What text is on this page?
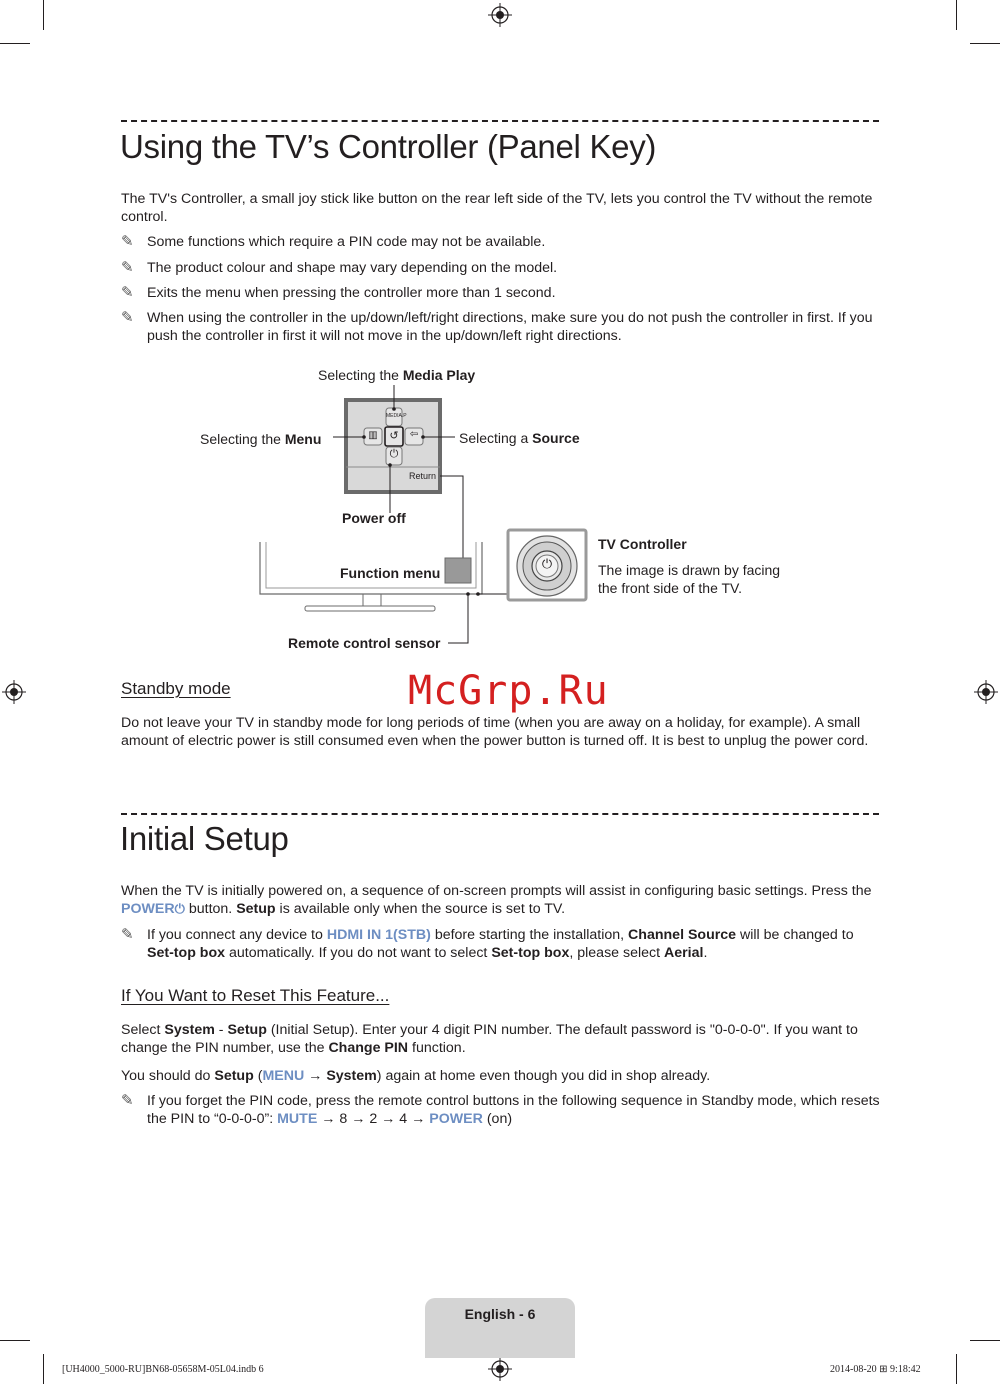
Using the TV’s Controller (Panel Key)

The TV's Controller, a small joy stick like button on the rear left side of the TV, lets you control the TV without the remote control.

✎ Some functions which require a PIN code may not be available.
✎ The product colour and shape may vary depending on the model.
✎ Exits the menu when pressing the controller more than 1 second.
✎ When using the controller in the up/down/left/right directions, make sure you do not push the controller in first. If you push the controller in first it will not move in the up/down/left right directions.
MEDIA.P
▥	↺	⇦
⏻
Return
⏻
Selecting the Media Play
Selecting the Menu	Selecting a Source
Power off
Function menu
Remote control sensor
TV Controller
The image is drawn by facing the front side of the TV.
Standby mode	McGrp.Ru

Do not leave your TV in standby mode for long periods of time (when you are away on a holiday, for example). A small amount of electric power is still consumed even when the power button is turned off. It is best to unplug the power cord.

Initial Setup

When the TV is initially powered on, a sequence of on-screen prompts will assist in configuring basic settings. Press the POWER⏻ button. Setup is available only when the source is set to TV.

✎ If you connect any device to HDMI IN 1(STB) before starting the installation, Channel Source will be changed to Set-top box automatically. If you do not want to select Set-top box, please select Aerial.
If You Want to Reset This Feature...

Select System - Setup (Initial Setup). Enter your 4 digit PIN number. The default password is "0-0-0-0". If you want to change the PIN number, use the Change PIN function.

You should do Setup (MENU → System) again at home even though you did in shop already.

✎ If you forget the PIN code, press the remote control buttons in the following sequence in Standby mode, which resets the PIN to “0-0-0-0”: MUTE → 8 → 2 → 4 → POWER (on)
English - 6
[UH4000_5000-RU]BN68-05658M-05L04.indb 6	2014-08-20 ⊞ 9:18:42
